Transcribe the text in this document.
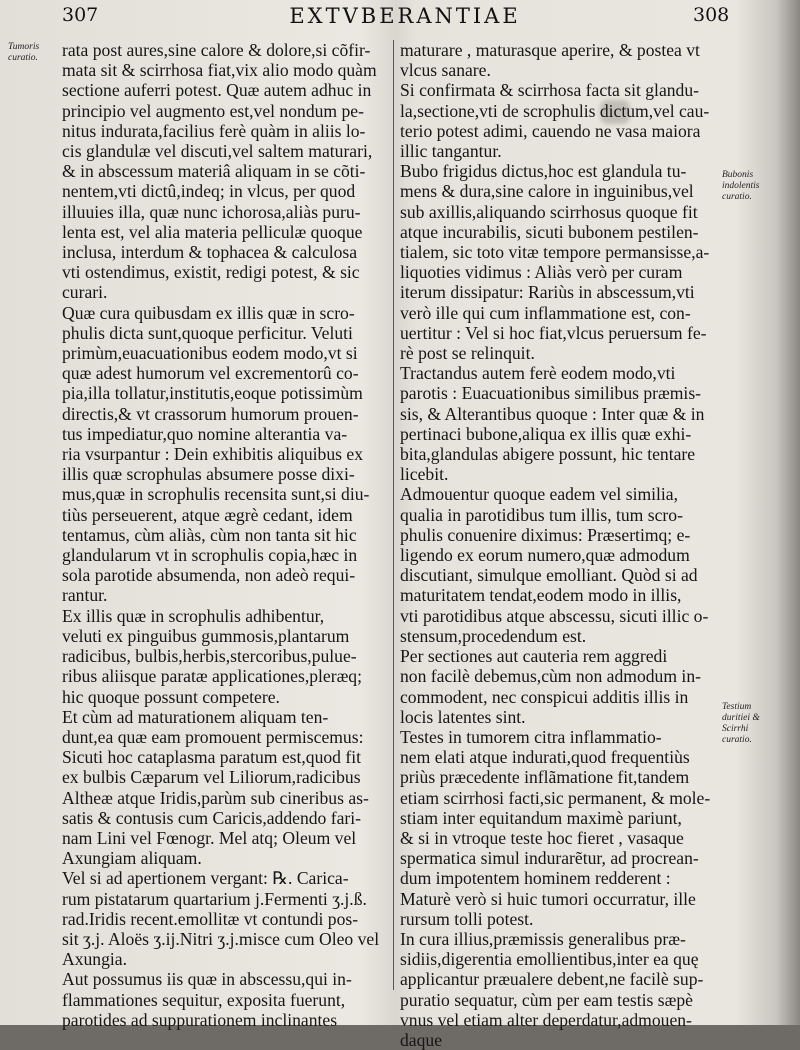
307	EXTVBERANTIAE	308
Tumoris curatio.
Bubonis indolentis curatio.
Testium duritiei & Scirrhi curatio.
rata post aures,sine calore & dolore,si cõfir-
mata sit & scirrhosa fiat,vix alio modo quàm
sectione auferri potest. Quæ autem adhuc in
principio vel augmento est,vel nondum pe-
nitus indurata,facilius ferè quàm in aliis lo-
cis glandulæ vel discuti,vel saltem maturari,
& in abscessum materiâ aliquam in se cõti-
nentem,vti dictû,indeq; in vlcus, per quod
illuuies illa, quæ nunc ichorosa,aliàs puru-
lenta est, vel alia materia pelliculæ quoque
inclusa, interdum & tophacea & calculosa
vti ostendimus, existit, redigi potest, & sic
curari.
Quæ cura quibusdam ex illis quæ in scro-
phulis dicta sunt,quoque perficitur. Veluti
primùm,euacuationibus eodem modo,vt si
quæ adest humorum vel excrementorû co-
pia,illa tollatur,institutis,eoque potissimùm
directis,& vt crassorum humorum prouen-
tus impediatur,quo nomine alterantia va-
ria vsurpantur : Dein exhibitis aliquibus ex
illis quæ scrophulas absumere posse dixi-
mus,quæ in scrophulis recensita sunt,si diu-
tiùs perseuerent, atque ægrè cedant, idem
tentamus, cùm aliàs, cùm non tanta sit hic
glandularum vt in scrophulis copia,hæc in
sola parotide absumenda, non adeò requi-
rantur.
Ex illis quæ in scrophulis adhibentur,
veluti ex pinguibus gummosis,plantarum
radicibus, bulbis,herbis,stercoribus,pulue-
ribus aliisque paratæ applicationes,pleræq;
hic quoque possunt competere.
Et cùm ad maturationem aliquam ten-
dunt,ea quæ eam promouent permiscemus:
Sicuti hoc cataplasma paratum est,quod fit
ex bulbis Cæparum vel Liliorum,radicibus
Altheæ atque Iridis,parùm sub cineribus as-
satis & contusis cum Caricis,addendo fari-
nam Lini vel Fœnogr. Mel atq; Oleum vel
Axungiam aliquam.
Vel si ad apertionem vergant: ℞. Carica-
rum pistatarum quartarium j.Fermenti ʒ.j.ß.
rad.Iridis recent.emollitæ vt contundi pos-
sit ʒ.j. Aloës ʒ.ij.Nitri ʒ.j.misce cum Oleo vel
Axungia.
Aut possumus iis quæ in abscessu,qui in-
flammationes sequitur, exposita fuerunt,
parotides ad suppurationem inclinantes
maturare , maturasque aperire, & postea vt
vlcus sanare.
Si confirmata & scirrhosa facta sit glandu-
la,sectione,vti de scrophulis dictum,vel cau-
terio potest adimi, cauendo ne vasa maiora
illic tangantur.
Bubo frigidus dictus,hoc est glandula tu-
mens & dura,sine calore in inguinibus,vel
sub axillis,aliquando scirrhosus quoque fit
atque incurabilis, sicuti bubonem pestilen-
tialem, sic toto vitæ tempore permansisse,a-
liquoties vidimus : Aliàs verò per curam
iterum dissipatur: Rariùs in abscessum,vti
verò ille qui cum inflammatione est, con-
uertitur : Vel si hoc fiat,vlcus peruersum fe-
rè post se relinquit.
Tractandus autem ferè eodem modo,vti
parotis : Euacuationibus similibus præmis-
sis, & Alterantibus quoque : Inter quæ & in
pertinaci bubone,aliqua ex illis quæ exhi-
bita,glandulas abigere possunt, hic tentare
licebit.
Admouentur quoque eadem vel similia,
qualia in parotidibus tum illis, tum scro-
phulis conuenire diximus: Præsertimq; e-
ligendo ex eorum numero,quæ admodum
discutiant, simulque emolliant. Quòd si ad
maturitatem tendat,eodem modo in illis,
vti parotidibus atque abscessu, sicuti illic o-
stensum,procedendum est.
Per sectiones aut cauteria rem aggredi
non facilè debemus,cùm non admodum in-
commodent, nec conspicui additis illis in
locis latentes sint.
Testes in tumorem citra inflammatio-
nem elati atque indurati,quod frequentiùs
priùs præcedente inflãmatione fit,tandem
etiam scirrhosi facti,sic permanent, & mole-
stiam inter equitandum maximè pariunt,
& si in vtroque teste hoc fieret , vasaque
spermatica simul indurarẽtur, ad procrean-
dum impotentem hominem redderent :
Maturè verò si huic tumori occurratur, ille
rursum tolli potest.
In cura illius,præmissis generalibus præ-
sidiis,digerentia emollientibus,inter ea quę
applicantur præualere debent,ne facilè sup-
puratio sequatur, cùm per eam testis sæpè
vnus vel etiam alter deperdatur,admouen-
daque
